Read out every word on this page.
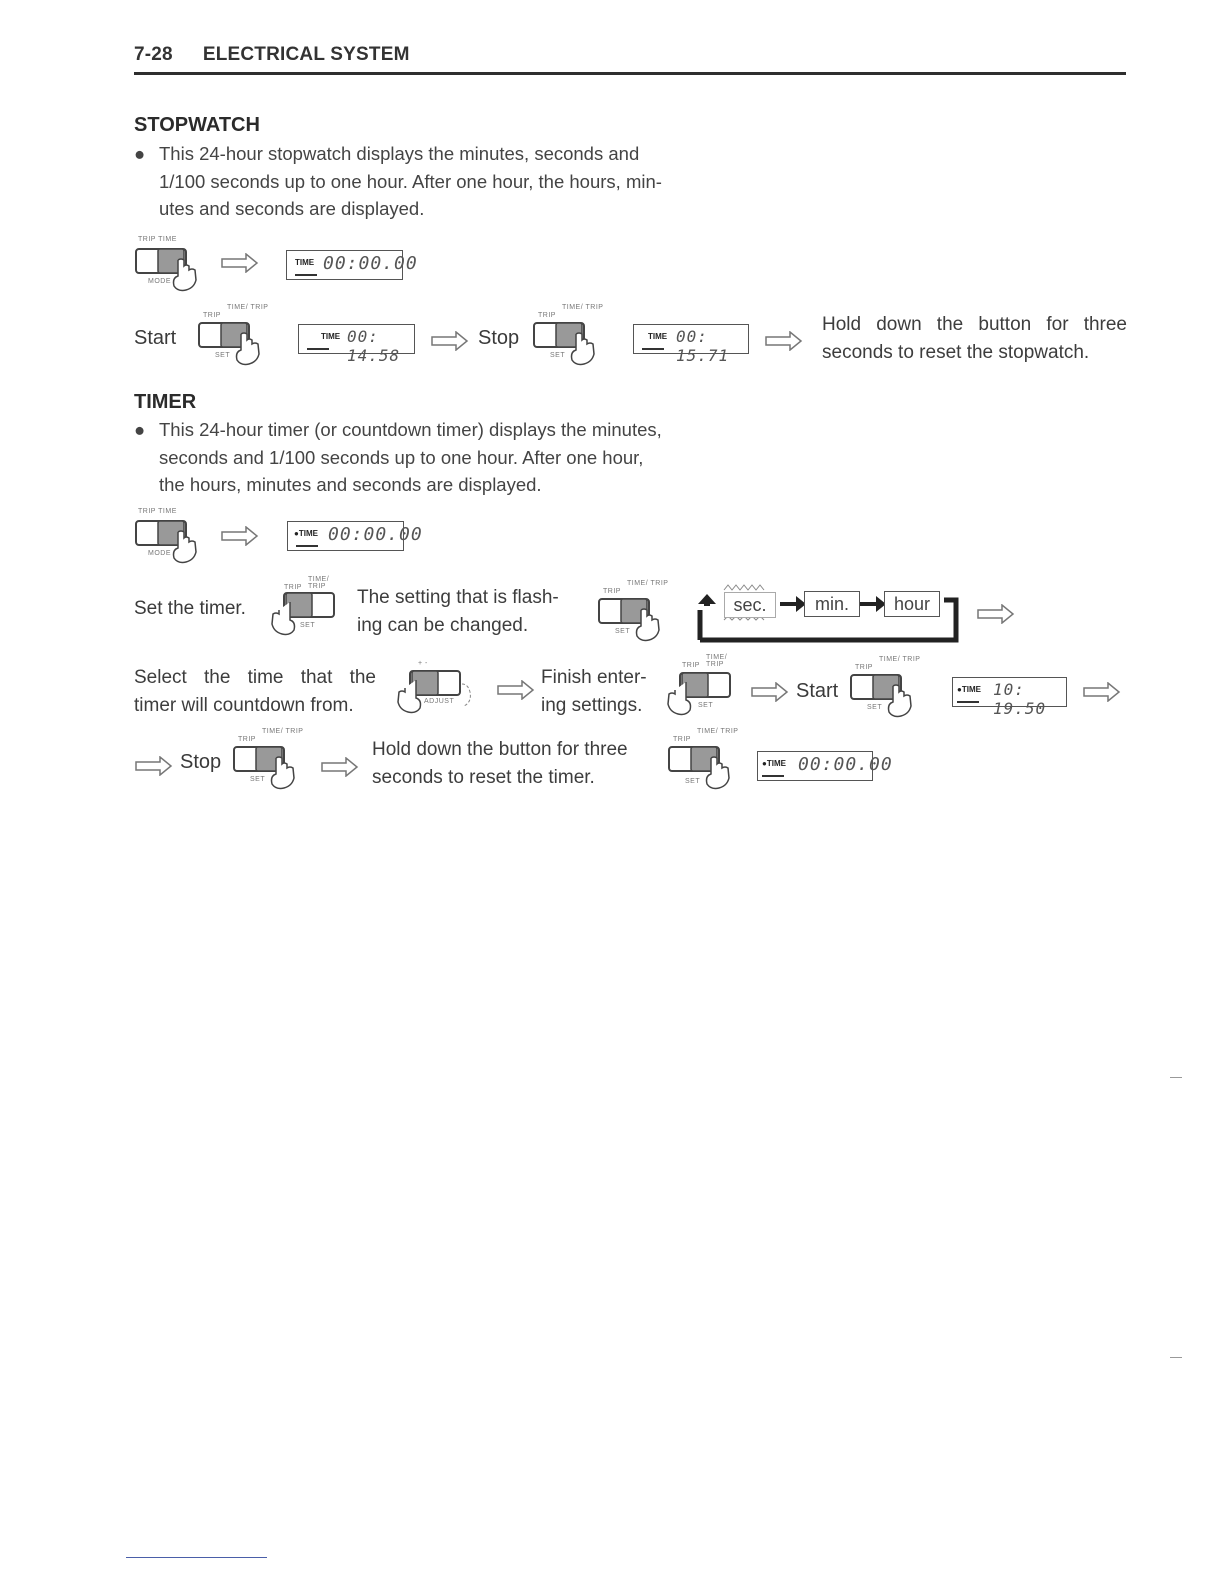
7-28 ELECTRICAL SYSTEM
STOPWATCH
● This 24-hour stopwatch displays the minutes, seconds and
1/100 seconds up to one hour. After one hour, the hours, min-
utes and seconds are displayed.
TRIP TIME
MODE
TIME 00:00.00
Start
TRIP
TIME/ TRIP
SET
TIME 00: 14.58
Stop
TRIP
TIME/ TRIP
SET
TIME 00: 15.71
Hold down the button for three
seconds to reset the stopwatch.
TIMER
● This 24-hour timer (or countdown timer) displays the minutes,
seconds and 1/100 seconds up to one hour. After one hour,
the hours, minutes and seconds are displayed.
TRIP TIME
MODE
●TIME 00:00.00
Set the timer.
TRIP
TIME/ TRIP
SET
The setting that is flash-
ing can be changed.
TRIP
TIME/ TRIP
SET
sec.	min.	hour
Select the time that the
timer will countdown from.
+ -
ADJUST
Finish enter-
ing settings.
TRIP
TIME/ TRIP
SET
Start
TRIP
TIME/ TRIP
SET
●TIME 10: 19.50
Stop
TRIP
TIME/ TRIP
SET
Hold down the button for three
seconds to reset the timer.
TRIP
TIME/ TRIP
SET
●TIME 00:00.00
